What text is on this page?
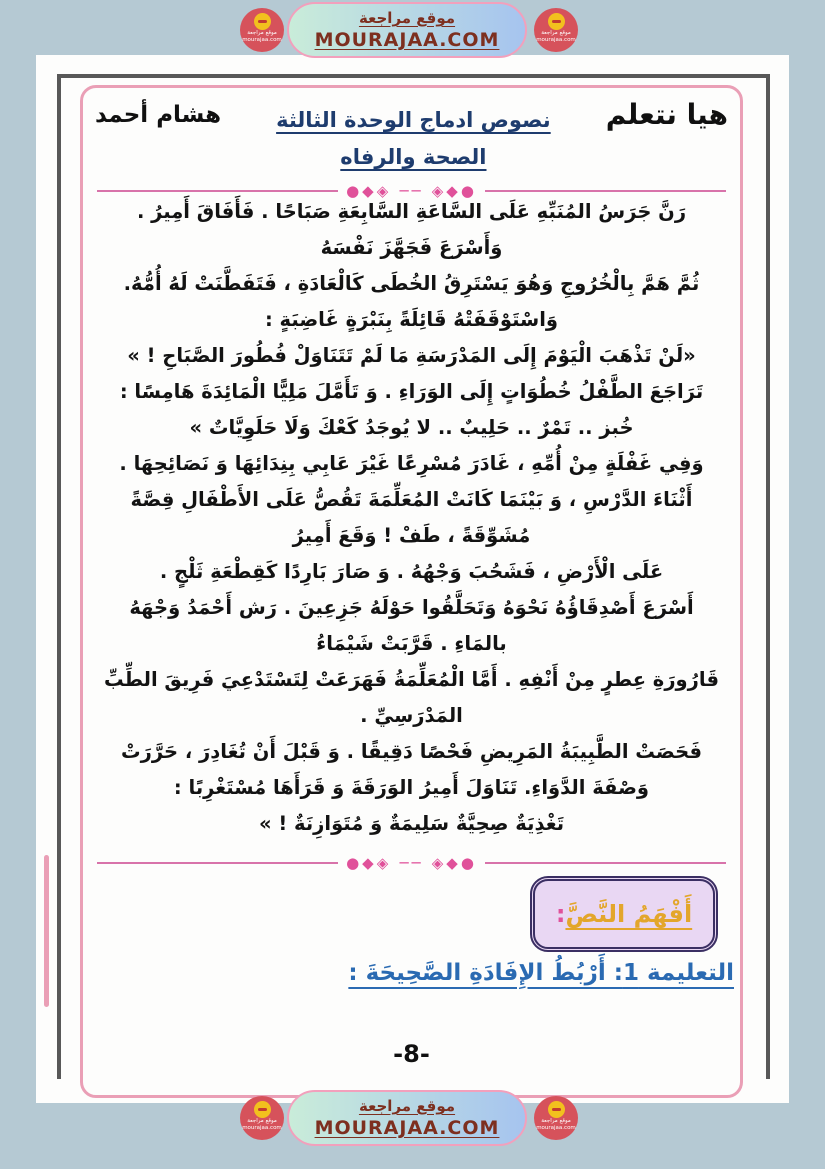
هيا نتعلم
نصوص ادماج الوحدة الثالثة
الصحة والرفاه
هشام أحمد
●◆◈ ── ◈◆●
رَنَّ جَرَسُ المُنَبِّهِ عَلَى السَّاعَةِ السَّابِعَةِ صَبَاحًا . فَأَفَاقَ أَمِيرُ .
وَأَسْرَعَ فَجَهَّزَ نَفْسَهُ
ثُمَّ هَمَّ بِالْخُرُوجِ وَهُوَ يَسْتَرِقُ الخُطَى كَالْعَادَةِ ، فَتَفَطَّنَتْ لَهُ أُمُّهُ.
وَاسْتَوْقَفَتْهُ قَائِلَةً بِنَبْرَةٍ غَاضِبَةٍ :
«لَنْ تَذْهَبَ الْيَوْمَ إِلَى المَدْرَسَةِ مَا لَمْ تَتَنَاوَلْ فُطُورَ الصَّبَاحِ ! »
تَرَاجَعَ الطَّفْلُ خُطُوَاتٍ إِلَى الوَرَاءِ . وَ تَأَمَّلَ مَلِيًّا الْمَائِدَةَ هَامِسًا :
خُبز .. تَمْرٌ .. حَلِيبٌ .. لا يُوجَدُ كَعْكَ وَلَا حَلَوِيَّاتٌ »
وَفِي غَفْلَةٍ مِنْ أُمِّهِ ، غَادَرَ مُسْرِعًا غَيْرَ عَابِي بِنِدَائِهَا وَ نَصَائِحِهَا .
أَثْنَاءَ الدَّرْسِ ، وَ بَيْنَمَا كَانَتْ المُعَلِّمَةَ تَقُصُّ عَلَى الأَطْفَالِ قِصَّةً
مُشَوِّقَةً ، طَفْ ! وَقَعَ أَمِيرُ
عَلَى الْأَرْضِ ، فَشَحُبَ وَجْهُهُ . وَ صَارَ بَارِدًا كَقِطْعَةِ ثَلْجٍ .
أَسْرَعَ أَصْدِقَاؤُهُ نَحْوَهُ وَتَحَلَّقُوا حَوْلَهُ جَزِعِينَ . رَش أَحْمَدُ وَجْهَهُ
بالمَاءِ . قَرَّبَتْ شَيْمَاءُ
قَارُورَةِ عِطرٍ مِنْ أَنْفِهِ . أَمَّا الْمُعَلِّمَةُ فَهَرَعَتْ لِتَسْتَدْعِيَ فَرِيقَ الطِّبِّ
المَدْرَسِيِّ .
فَحَصَتْ الطَّبِيبَةُ المَرِيضِ فَحْصًا دَقِيقًا . وَ قَبْلَ أَنْ تُغَادِرَ ، حَرَّرَتْ
وَصْفَةَ الدَّوَاءِ. تَنَاوَلَ أَمِيرُ الوَرَقَةَ وَ قَرَأَهَا مُسْتَغْرِبًا :
تَغْذِيَةٌ صِحِيَّةٌ سَلِيمَةٌ وَ مُتَوَازِنَةٌ ! »
●◆◈ ── ◈◆●
أَفْهَمُ النَّصَّ
:
التعليمة 1: أَرْبُطُ الإِفَادَةِ الصَّحِيحَةَ :
-8-
موقع مراجعة
mourajaa.com
موقع مراجعة
MOURAJAA.COM	موقع مراجعة
mourajaa.com
موقع مراجعة
mourajaa.com
موقع مراجعة
MOURAJAA.COM	موقع مراجعة
mourajaa.com
